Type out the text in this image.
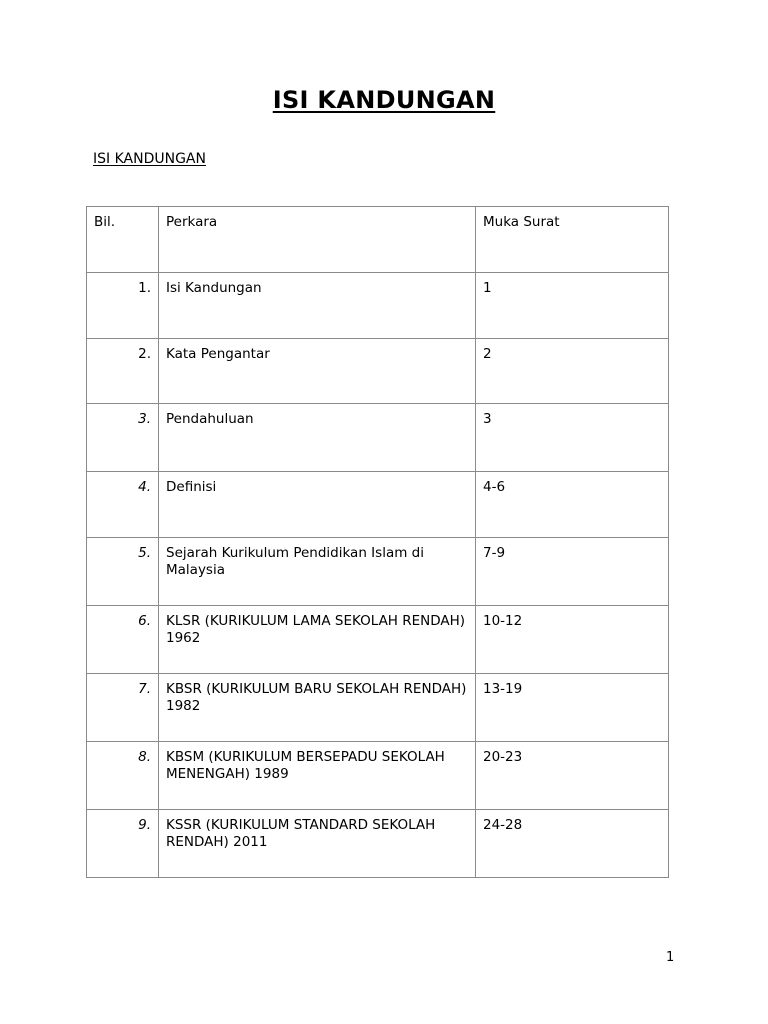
ISI KANDUNGAN
ISI KANDUNGAN
Bil.	Perkara	Muka Surat
1.	Isi Kandungan	1
2.	Kata Pengantar	2
3.	Pendahuluan	3
4.	Definisi	4-6
5.	Sejarah Kurikulum Pendidikan Islam di Malaysia	7-9
6.	KLSR (KURIKULUM LAMA SEKOLAH RENDAH) 1962	10-12
7.	KBSR (KURIKULUM BARU SEKOLAH RENDAH) 1982	13-19
8.	KBSM (KURIKULUM BERSEPADU SEKOLAH MENENGAH) 1989	20-23
9.	KSSR (KURIKULUM STANDARD SEKOLAH RENDAH) 2011	24-28
1
